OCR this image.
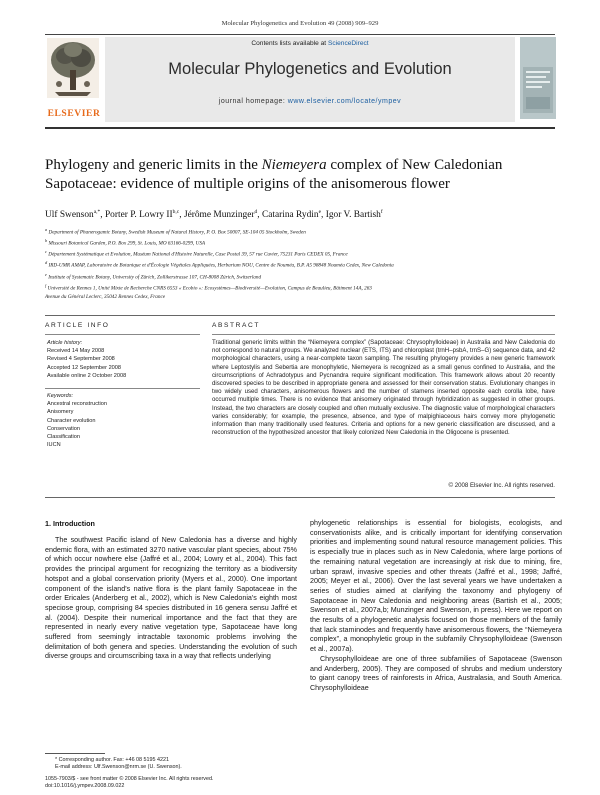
Molecular Phylogenetics and Evolution 49 (2008) 909–929
Contents lists available at ScienceDirect
Molecular Phylogenetics and Evolution
journal homepage: www.elsevier.com/locate/ympev
ELSEVIER
Phylogeny and generic limits in the Niemeyera complex of New Caledonian Sapotaceae: evidence of multiple origins of the anisomerous flower
Ulf Swenson$^{a,*}$, Porter P. Lowry II$^{b,c}$, Jérôme Munzinger$^d$, Catarina Rydin$^e$, Igor V. Bartish$^f$
$^a$ Department of Phanerogamic Botany, Swedish Museum of Natural History, P. O. Box 50007, SE-104 05 Stockholm, Sweden
$^b$ Missouri Botanical Garden, P.O. Box 299, St. Louis, MO 63166-0299, USA
$^c$ Département Systématique et Evolution, Muséum National d'Histoire Naturelle, Case Postal 39, 57 rue Cuvier, 75231 Paris CEDEX 05, France
$^d$ IRD-UMR AMAP, Laboratoire de Botanique et d'Écologie Végétales Appliquées, Herbarium NOU, Centre de Nouméa, B.P. A5 98848 Nouméa Cedex, New Caledonia
$^e$ Institute of Systematic Botany, University of Zürich, Zollikerstrasse 107, CH-8008 Zürich, Switzerland
$^f$ Université de Rennes 1, Unité Mixte de Recherche CNRS 6553 « Ecobio »: Ecosystèmes—Biodiversité—Evolution, Campus de Beaulieu, Bâtiment 14A, 263
Avenue du Général Leclerc, 35042 Rennes Cedex, France
ARTICLE INFO	ABSTRACT
Article history:
Received 14 May 2008
Revised 4 September 2008
Accepted 12 September 2008
Available online 2 October 2008
Keywords:
Ancestral reconstruction
Anisomery
Character evolution
Conservation
Classification
IUCN
Traditional generic limits within the “Niemeyera complex” (Sapotaceae: Chrysophylloideae) in Australia and New Caledonia do not correspond to natural groups. We analyzed nuclear (ETS, ITS) and chloroplast (trnH–psbA, trnS–G) sequence data, and 42 morphological characters, using a near-complete taxon sampling. The resulting phylogeny provides a new generic framework where Leptostylis and Sebertia are monophyletic, Niemeyera is recognized as a small genus confined to Australia, and the circumscriptions of Achradotypus and Pycnandra require significant modification. This framework allows about 20 recently discovered species to be described in appropriate genera and assessed for their conservation status. Evolutionary changes in two widely used characters, anisomerous flowers and the number of stamens inserted opposite each corolla lobe, have occurred multiple times. There is no evidence that anisomery originated through hybridization as suggested in other groups. Instead, the two characters are closely coupled and often mutually exclusive. The diagnostic value of morphological characters varies considerably; for example, the presence, absence, and type of malpighiaceous hairs convey more phylogenetic information than many traditionally used features. Criteria and options for a new generic classification are discussed, and a reconstruction of the hypothesized ancestor that likely colonized New Caledonia in the Oligocene is presented.
© 2008 Elsevier Inc. All rights reserved.
1. Introduction

The southwest Pacific island of New Caledonia has a diverse and highly endemic flora, with an estimated 3270 native vascular plant species, about 75% of which occur nowhere else (Jaffré et al., 2004; Lowry et al., 2004). This fact provides the principal argument for recognizing the territory as a biodiversity hotspot and a global conservation priority (Myers et al., 2000). One important component of the island's native flora is the plant family Sapotaceae in the order Ericales (Anderberg et al., 2002), which is New Caledonia's eighth most speciose group, comprising 84 species distributed in 16 genera sensu Jaffré et al. (2004). Despite their numerical importance and the fact that they are represented in nearly every native vegetation type, Sapotaceae have long suffered from seemingly intractable taxonomic problems involving the delimitation of both genera and species. Understanding the evolution of such diverse groups and circumscribing taxa in a way that reflects underlying

phylogenetic relationships is essential for biologists, ecologists, and conservationists alike, and is critically important for identifying conservation priorities and implementing sound natural resource management policies. This is especially true in places such as in New Caledonia, where large portions of the remaining natural vegetation are increasingly at risk due to mining, fire, urban sprawl, invasive species and other threats (Jaffré et al., 1998; Jaffré, 2005; Meyer et al., 2006). Over the last several years we have undertaken a series of studies aimed at clarifying the taxonomy and phylogeny of Sapotaceae in New Caledonia and neighboring areas (Bartish et al., 2005; Swenson et al., 2007a,b; Munzinger and Swenson, in press). Here we report on the results of a phylogenetic analysis focused on those members of the family that lack staminodes and frequently have anisomerous flowers, the “Niemeyera complex”, a monophyletic group in the subfamily Chrysophylloideae (Swenson et al., 2007a).

Chrysophylloideae are one of three subfamilies of Sapotaceae (Swenson and Anderberg, 2005). They are composed of shrubs and medium understory to giant canopy trees of rainforests in Africa, Australasia, and South America. Chrysophylloideae

* Corresponding author. Fax: +46 08 5195 4221
E-mail address: Ulf.Swenson@nrm.se (U. Swenson).
1055-7903/$ - see front matter © 2008 Elsevier Inc. All rights reserved.
doi:10.1016/j.ympev.2008.09.022
